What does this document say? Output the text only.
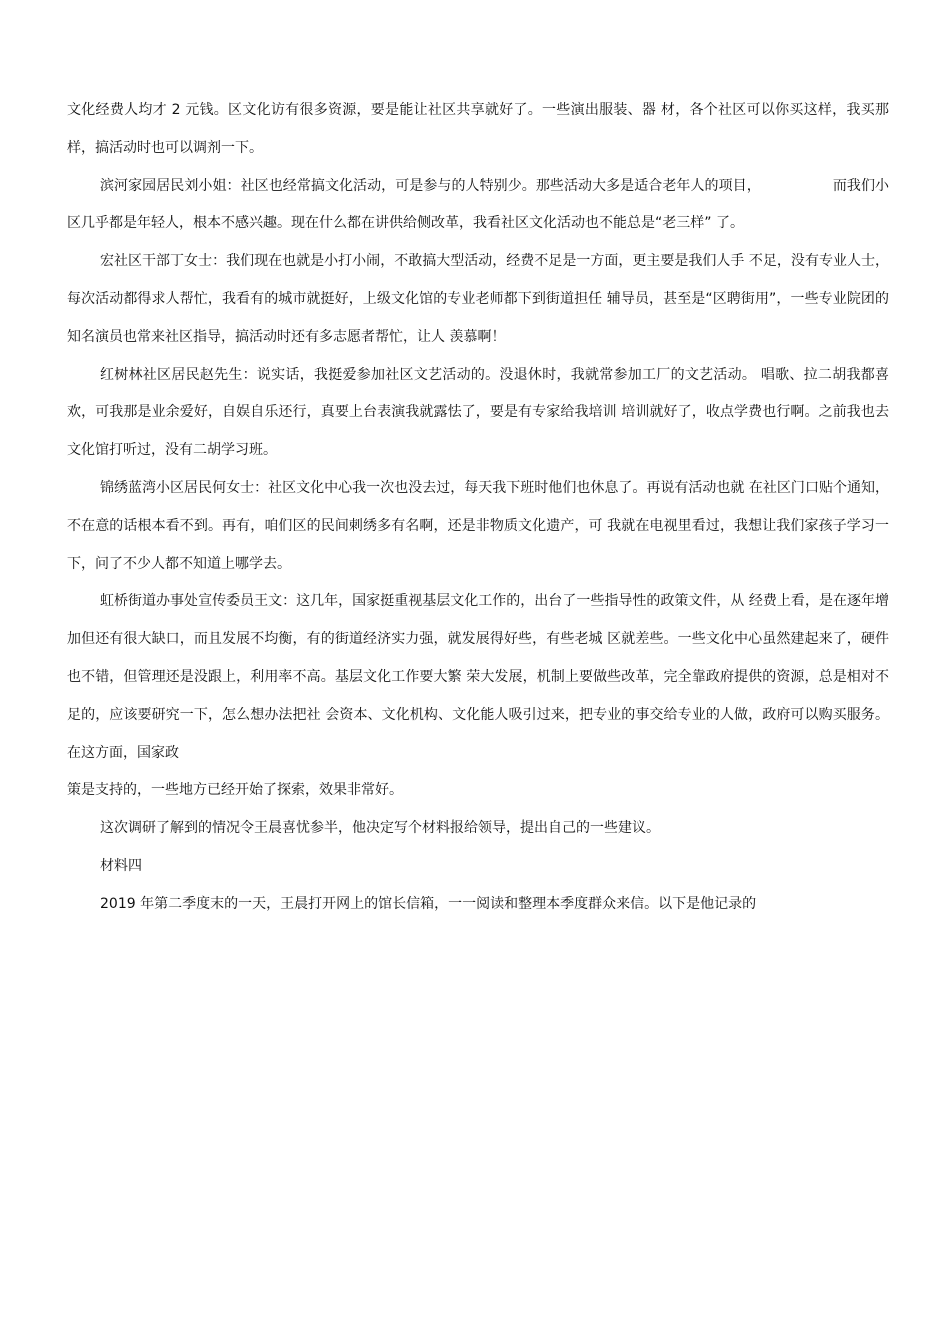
文化经费人均才 2 元钱。区文化访有很多资源，要是能让社区共享就好了。一些演出服装、器 材，各个社区可以你买这样，我买那样，搞活动时也可以调剂一下。

滨河家园居民刘小姐：社区也经常搞文化活动，可是参与的人特别少。那些活动大多是适合老年人的项目，	而我们小区几乎都是年轻人，根本不感兴趣。现在什么都在讲供给侧改革，我看社区文化活动也不能总是“老三样” 了。

宏社区干部丁女士：我们现在也就是小打小闹，不敢搞大型活动，经费不足是一方面，更主要是我们人手 不足，没有专业人士，每次活动都得求人帮忙，我看有的城市就挺好，上级文化馆的专业老师都下到街道担任 辅导员，甚至是“区聘街用”，一些专业院团的知名演员也常来社区指导，搞活动时还有多志愿者帮忙，让人 羡慕啊！

红树林社区居民赵先生：说实话，我挺爱参加社区文艺活动的。没退休时，我就常参加工厂的文艺活动。 唱歌、拉二胡我都喜欢，可我那是业余爱好，自娱自乐还行，真要上台表演我就露怯了，要是有专家给我培训 培训就好了，收点学费也行啊。之前我也去文化馆打听过，没有二胡学习班。

锦绣蓝湾小区居民何女士：社区文化中心我一次也没去过，每天我下班时他们也休息了。再说有活动也就 在社区门口贴个通知，不在意的话根本看不到。再有，咱们区的民间刺绣多有名啊，还是非物质文化遗产，可 我就在电视里看过，我想让我们家孩子学习一下，问了不少人都不知道上哪学去。

虹桥街道办事处宣传委员王文：这几年，国家挺重视基层文化工作的，出台了一些指导性的政策文件，从 经费上看，是在逐年增加但还有很大缺口，而且发展不均衡，有的街道经济实力强，就发展得好些，有些老城 区就差些。一些文化中心虽然建起来了，硬件也不错，但管理还是没跟上，利用率不高。基层文化工作要大繁 荣大发展，机制上要做些改革，完全靠政府提供的资源，总是相对不足的，应该要研究一下，怎么想办法把社 会资本、文化机构、文化能人吸引过来，把专业的事交给专业的人做，政府可以购买服务。在这方面，国家政

策是支持的，一些地方已经开始了探索，效果非常好。

这次调研了解到的情况令王晨喜忧参半，他决定写个材料报给领导，提出自己的一些建议。

材料四

2019 年第二季度末的一天，王晨打开网上的馆长信箱，一一阅读和整理本季度群众来信。以下是他记录的
